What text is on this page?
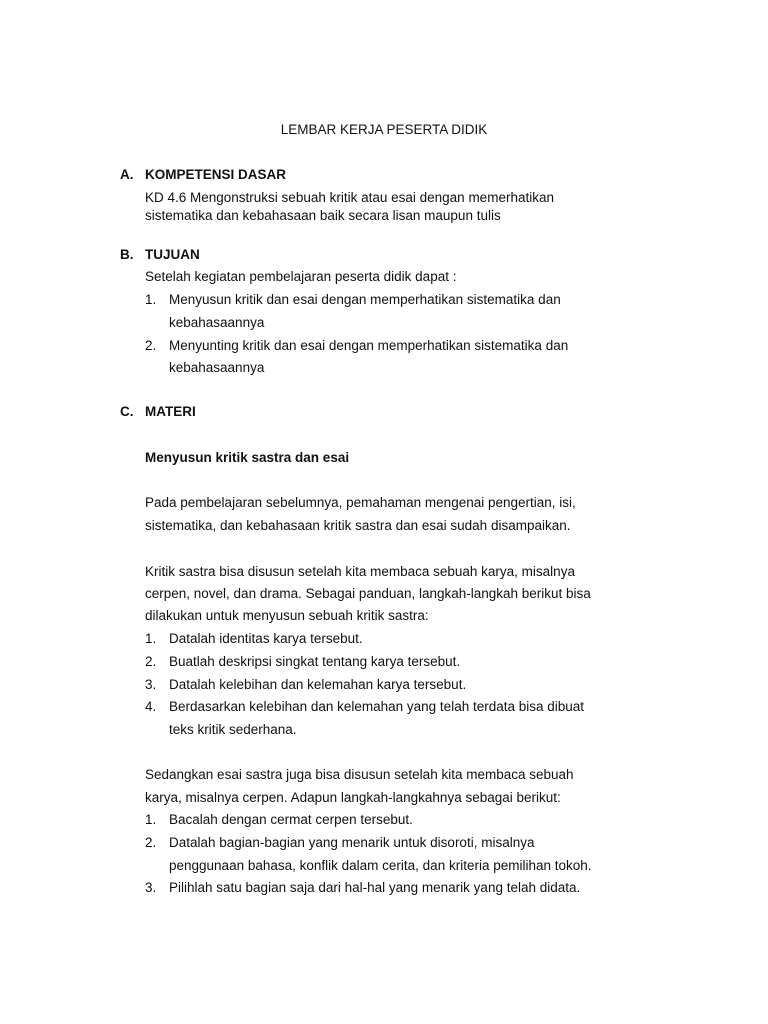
LEMBAR KERJA PESERTA DIDIK
A. KOMPETENSI DASAR
KD 4.6 Mengonstruksi sebuah kritik atau esai dengan memerhatikan
sistematika dan kebahasaan baik secara lisan maupun tulis
B. TUJUAN
Setelah kegiatan pembelajaran peserta didik dapat :
1. Menyusun kritik dan esai dengan memperhatikan sistematika dan
kebahasaannya
2. Menyunting kritik dan esai dengan memperhatikan sistematika dan
kebahasaannya
C. MATERI
Menyusun kritik sastra dan esai
Pada pembelajaran sebelumnya, pemahaman mengenai pengertian, isi,
sistematika, dan kebahasaan kritik sastra dan esai sudah disampaikan.
Kritik sastra bisa disusun setelah kita membaca sebuah karya, misalnya
cerpen, novel, dan drama. Sebagai panduan, langkah-langkah berikut bisa
dilakukan untuk menyusun sebuah kritik sastra:
1. Datalah identitas karya tersebut.
2. Buatlah deskripsi singkat tentang karya tersebut.
3. Datalah kelebihan dan kelemahan karya tersebut.
4. Berdasarkan kelebihan dan kelemahan yang telah terdata bisa dibuat
teks kritik sederhana.
Sedangkan esai sastra juga bisa disusun setelah kita membaca sebuah
karya, misalnya cerpen. Adapun langkah-langkahnya sebagai berikut:
1. Bacalah dengan cermat cerpen tersebut.
2. Datalah bagian-bagian yang menarik untuk disoroti, misalnya
penggunaan bahasa, konflik dalam cerita, dan kriteria pemilihan tokoh.
3. Pilihlah satu bagian saja dari hal-hal yang menarik yang telah didata.
